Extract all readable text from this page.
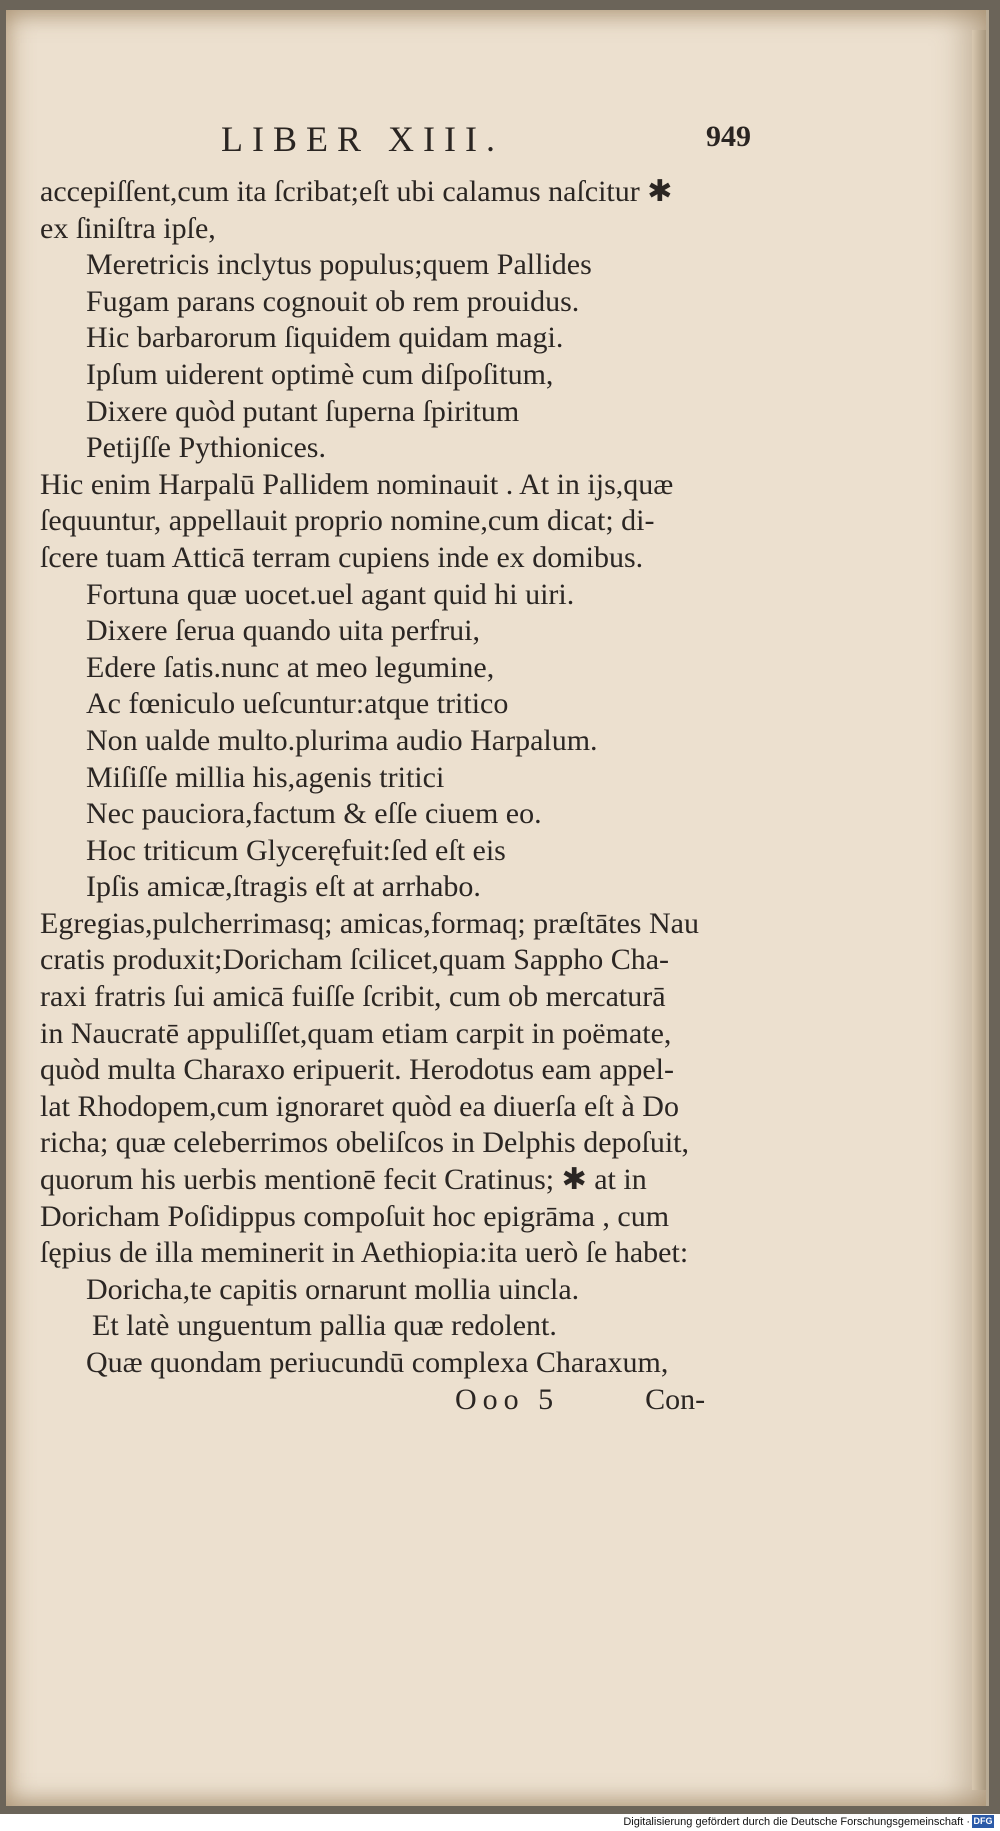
LIBER XIII.	949
accepiſſent,cum ita ſcribat;eſt ubi calamus naſcitur ✱
ex ſiniſtra ipſe,
Meretricis inclytus populus;quem Pallides
Fugam parans cognouit ob rem prouidus.
Hic barbarorum ſiquidem quidam magi.
Ipſum uiderent optimè cum diſpoſitum,
Dixere quòd putant ſuperna ſpiritum
Petijſſe Pythionices.
Hic enim Harpalū Pallidem nominauit . At in ijs,quæ
ſequuntur, appellauit proprio nomine,cum dicat; di-
ſcere tuam Atticā terram cupiens inde ex domibus.
Fortuna quæ uocet.uel agant quid hi uiri.
Dixere ſerua quando uita perfrui,
Edere ſatis.nunc at meo legumine,
Ac fœniculo ueſcuntur:atque tritico
Non ualde multo.plurima audio Harpalum.
Miſiſſe millia his,agenis tritici
Nec pauciora,factum & eſſe ciuem eo.
Hoc triticum Glyceręfuit:ſed eſt eis
Ipſis amicæ,ſtragis eſt at arrhabo.
Egregias,pulcherrimasq; amicas,formaq; præſtātes Nau
cratis produxit;Doricham ſcilicet,quam Sappho Cha-
raxi fratris ſui amicā fuiſſe ſcribit, cum ob mercaturā
in Naucratē appuliſſet,quam etiam carpit in poëmate,
quòd multa Charaxo eripuerit. Herodotus eam appel-
lat Rhodopem,cum ignoraret quòd ea diuerſa eſt à Do
richa; quæ celeberrimos obeliſcos in Delphis depoſuit,
quorum his uerbis mentionē fecit Cratinus; ✱ at in
Doricham Poſidippus compoſuit hoc epigrāma , cum
ſępius de illa meminerit in Aethiopia:ita uerò ſe habet:
Doricha,te capitis ornarunt mollia uincla.
Et latè unguentum pallia quæ redolent.
Quæ quondam periucundū complexa Charaxum,
Ooo 5	Con-
Digitalisierung gefördert durch die Deutsche Forschungsgemeinschaft · DFG
